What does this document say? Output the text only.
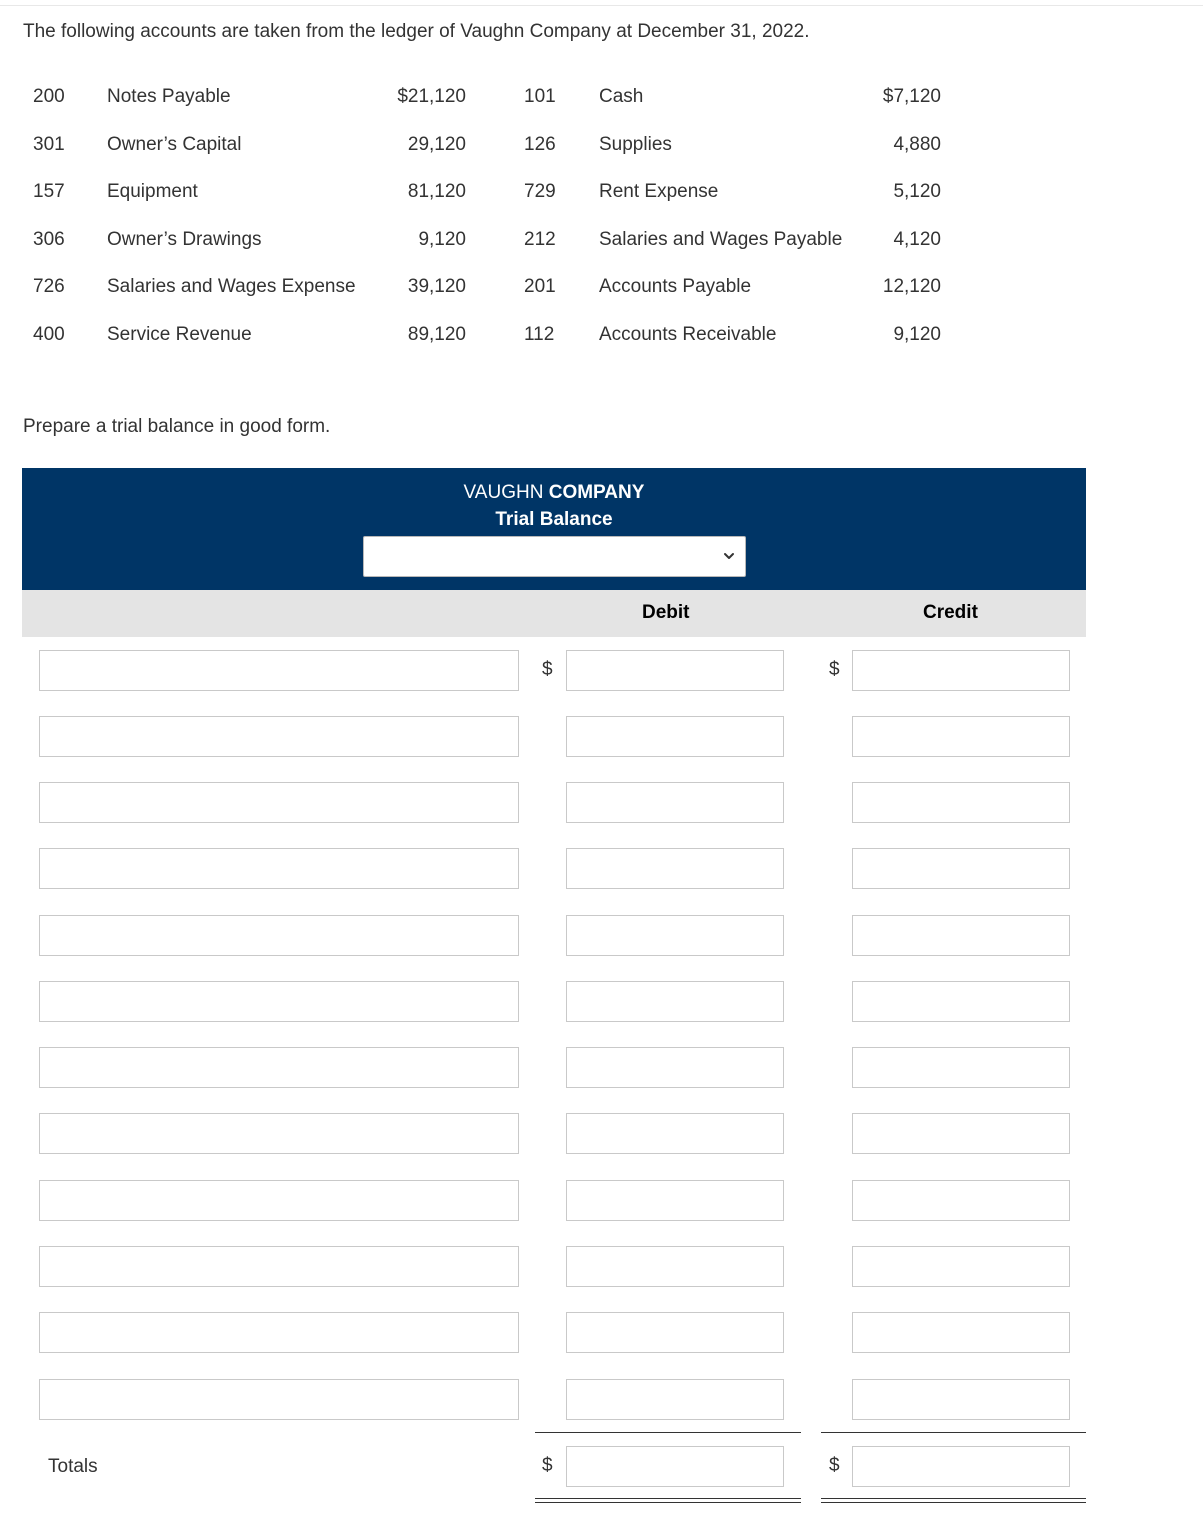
The following accounts are taken from the ledger of Vaughn Company at December 31, 2022.
200 Notes Payable	$21,120	101 Cash	$7,120
301 Owner’s Capital	29,120	126 Supplies	4,880
157 Equipment	81,120	729 Rent Expense	5,120
306 Owner’s Drawings	9,120	212 Salaries and Wages Payable	4,120
726 Salaries and Wages Expense	39,120	201 Accounts Payable	12,120
400 Service Revenue	89,120	112 Accounts Receivable	9,120
Prepare a trial balance in good form.
VAUGHN COMPANY
Trial Balance
Debit	Credit
$	$
Totals	$	$
